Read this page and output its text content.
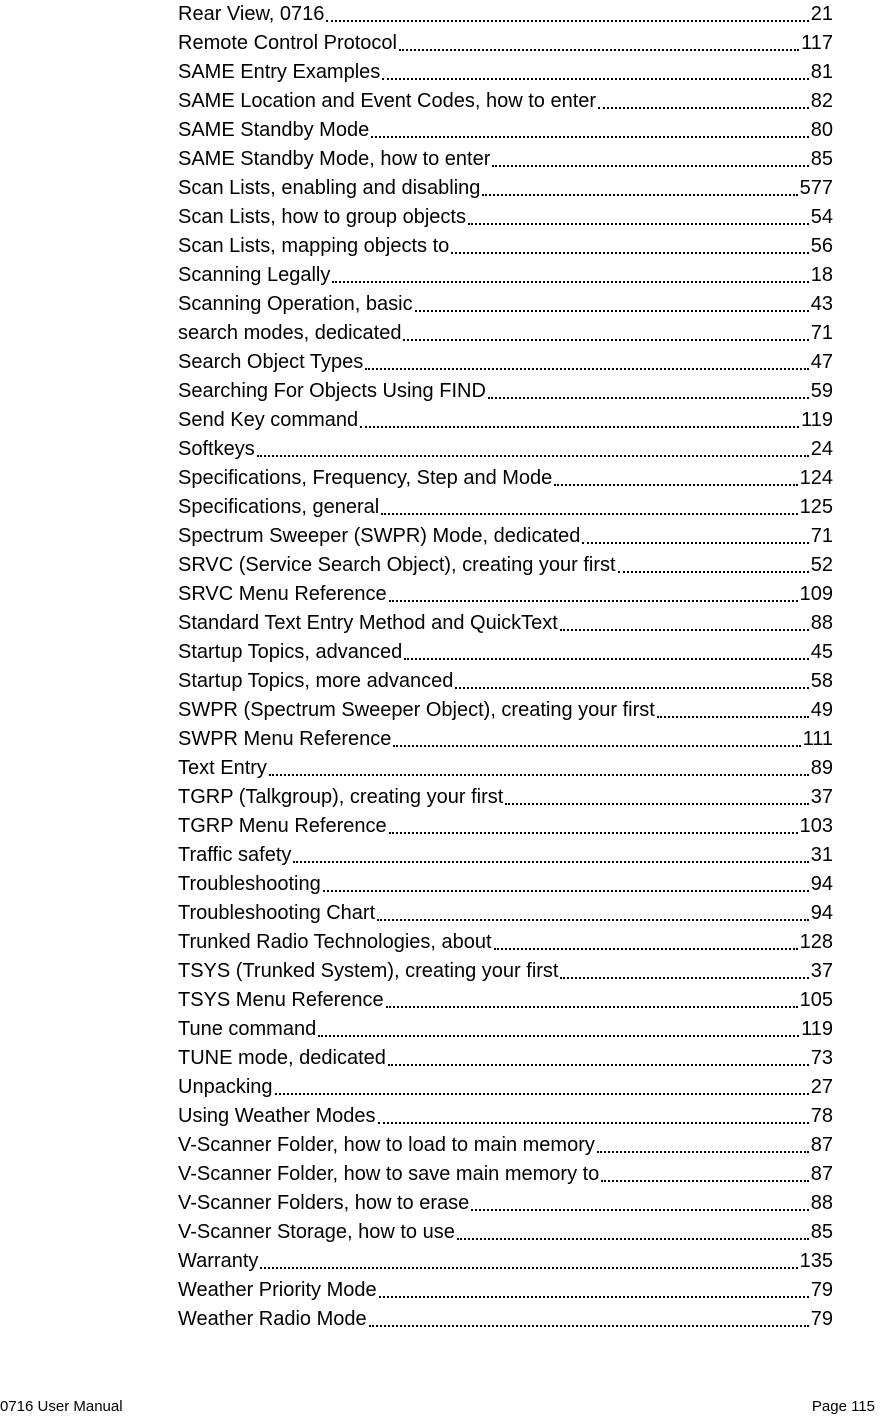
Rear View, 0716	21
Remote Control Protocol	117
SAME Entry Examples	81
SAME Location and Event Codes, how to enter	82
SAME Standby Mode	80
SAME Standby Mode, how to enter	85
Scan Lists, enabling and disabling	577
Scan Lists, how to group objects	54
Scan Lists, mapping objects to	56
Scanning Legally	18
Scanning Operation, basic	43
search modes, dedicated	71
Search Object Types	47
Searching For Objects Using FIND	59
Send Key command	119
Softkeys	24
Specifications, Frequency, Step and Mode	124
Specifications, general	125
Spectrum Sweeper (SWPR) Mode, dedicated	71
SRVC (Service Search Object), creating your first	52
SRVC Menu Reference	109
Standard Text Entry Method and QuickText	88
Startup Topics, advanced	45
Startup Topics, more advanced	58
SWPR (Spectrum Sweeper Object), creating your first	49
SWPR Menu Reference	111
Text Entry	89
TGRP (Talkgroup), creating your first	37
TGRP Menu Reference	103
Traffic safety	31
Troubleshooting	94
Troubleshooting Chart	94
Trunked Radio Technologies, about	128
TSYS (Trunked System), creating your first	37
TSYS Menu Reference	105
Tune command	119
TUNE mode, dedicated	73
Unpacking	27
Using Weather Modes	78
V-Scanner Folder, how to load to main memory	87
V-Scanner Folder, how to save main memory to	87
V-Scanner Folders, how to erase	88
V-Scanner Storage, how to use	85
Warranty	135
Weather Priority Mode	79
Weather Radio Mode	79
0716 User Manual	Page 115
